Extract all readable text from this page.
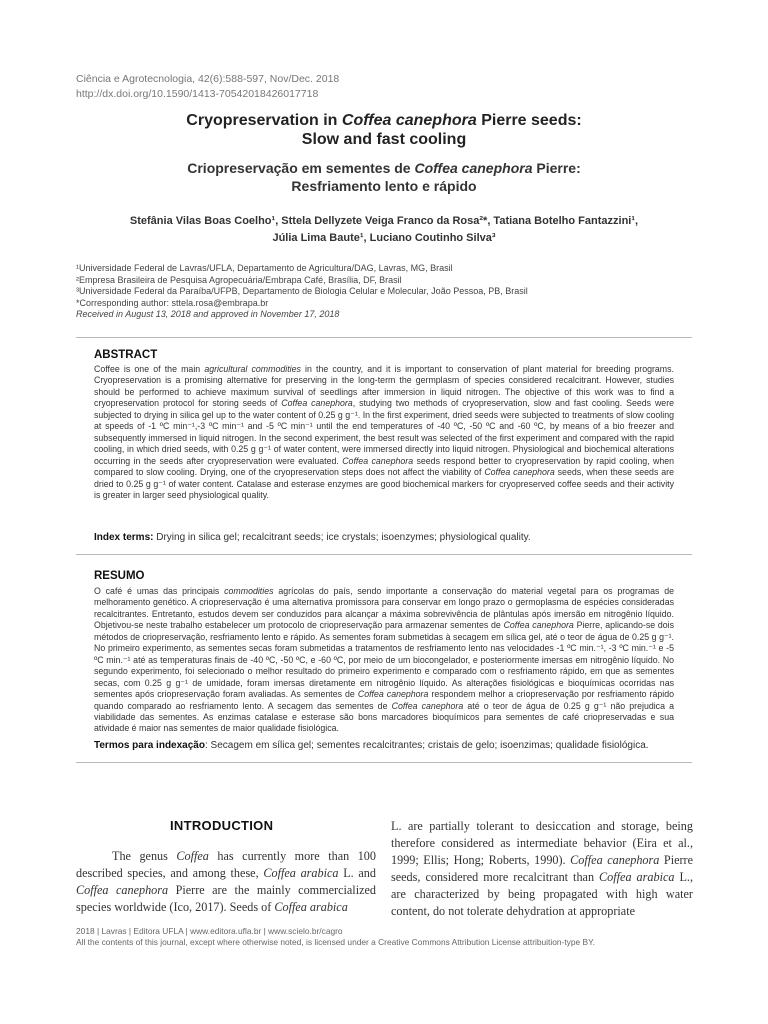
Ciência e Agrotecnologia, 42(6):588-597, Nov/Dec. 2018
http://dx.doi.org/10.1590/1413-70542018426017718
Cryopreservation in Coffea canephora Pierre seeds:
Slow and fast cooling
Criopreservação em sementes de Coffea canephora Pierre:
Resfriamento lento e rápido
Stefânia Vilas Boas Coelho¹, Sttela Dellyzete Veiga Franco da Rosa²*, Tatiana Botelho Fantazzini¹,
Júlia Lima Baute¹, Luciano Coutinho Silva³
¹Universidade Federal de Lavras/UFLA, Departamento de Agricultura/DAG, Lavras, MG, Brasil
²Empresa Brasileira de Pesquisa Agropecuária/Embrapa Café, Brasília, DF, Brasil
³Universidade Federal da Paraíba/UFPB, Departamento de Biologia Celular e Molecular, João Pessoa, PB, Brasil
*Corresponding author: sttela.rosa@embrapa.br
Received in August 13, 2018 and approved in November 17, 2018
ABSTRACT

Coffee is one of the main agricultural commodities in the country, and it is important to conservation of plant material for breeding programs. Cryopreservation is a promising alternative for preserving in the long-term the germplasm of species considered recalcitrant. However, studies should be performed to achieve maximum survival of seedlings after immersion in liquid nitrogen. The objective of this work was to find a cryopreservation protocol for storing seeds of Coffea canephora, studying two methods of cryopreservation, slow and fast cooling. Seeds were subjected to drying in silica gel up to the water content of 0.25 g g⁻¹. In the first experiment, dried seeds were subjected to treatments of slow cooling at speeds of -1 ºC min⁻¹,-3 ºC min⁻¹ and -5 ºC min⁻¹ until the end temperatures of -40 ºC, -50 ºC and -60 ºC, by means of a bio freezer and subsequently immersed in liquid nitrogen. In the second experiment, the best result was selected of the first experiment and compared with the rapid cooling, in which dried seeds, with 0.25 g g⁻¹ of water content, were immersed directly into liquid nitrogen. Physiological and biochemical alterations occurring in the seeds after cryopreservation were evaluated. Coffea canephora seeds respond better to cryopreservation by rapid cooling, when compared to slow cooling. Drying, one of the cryopreservation steps does not affect the viability of Coffea canephora seeds, when these seeds are dried to 0.25 g g⁻¹ of water content. Catalase and esterase enzymes are good biochemical markers for cryopreserved coffee seeds and their activity is greater in larger seed physiological quality.

Index terms: Drying in silica gel; recalcitrant seeds; ice crystals; isoenzymes; physiological quality.
RESUMO

O café é umas das principais commodities agrícolas do país, sendo importante a conservação do material vegetal para os programas de melhoramento genético. A criopreservação é uma alternativa promissora para conservar em longo prazo o germoplasma de espécies consideradas recalcitrantes. Entretanto, estudos devem ser conduzidos para alcançar a máxima sobrevivência de plântulas após imersão em nitrogênio líquido. Objetivou-se neste trabalho estabelecer um protocolo de criopreservação para armazenar sementes de Coffea canephora Pierre, aplicando-se dois métodos de criopreservação, resfriamento lento e rápido. As sementes foram submetidas à secagem em sílica gel, até o teor de água de 0.25 g g⁻¹. No primeiro experimento, as sementes secas foram submetidas a tratamentos de resfriamento lento nas velocidades -1 ºC min.⁻¹, -3 ºC min.⁻¹ e -5 ºC min.⁻¹ até as temperaturas finais de -40 ºC, -50 ºC, e -60 ºC, por meio de um biocongelador, e posteriormente imersas em nitrogênio líquido. No segundo experimento, foi selecionado o melhor resultado do primeiro experimento e comparado com o resfriamento rápido, em que as sementes secas, com 0.25 g g⁻¹ de umidade, foram imersas diretamente em nitrogênio líquido. As alterações fisiológicas e bioquímicas ocorridas nas sementes após criopreservação foram avaliadas. As sementes de Coffea canephora respondem melhor a criopreservação por resfriamento rápido quando comparado ao resfriamento lento. A secagem das sementes de Coffea canephora até o teor de água de 0.25 g g⁻¹ não prejudica a viabilidade das sementes. As enzimas catalase e esterase são bons marcadores bioquímicos para sementes de café criopreservadas e sua atividade é maior nas sementes de maior qualidade fisiológica.

Termos para indexação: Secagem em sílica gel; sementes recalcitrantes; cristais de gelo; isoenzimas; qualidade fisiológica.
INTRODUCTION

The genus Coffea has currently more than 100 described species, and among these, Coffea arabica L. and Coffea canephora Pierre are the mainly commercialized species worldwide (Ico, 2017). Seeds of Coffea arabica

L. are partially tolerant to desiccation and storage, being therefore considered as intermediate behavior (Eira et al., 1999; Ellis; Hong; Roberts, 1990). Coffea canephora Pierre seeds, considered more recalcitrant than Coffea arabica L., are characterized by being propagated with high water content, do not tolerate dehydration at appropriate

2018 | Lavras | Editora UFLA | www.editora.ufla.br | www.scielo.br/cagro
All the contents of this journal, except where otherwise noted, is licensed under a Creative Commons Attribution License attribuition-type BY.
